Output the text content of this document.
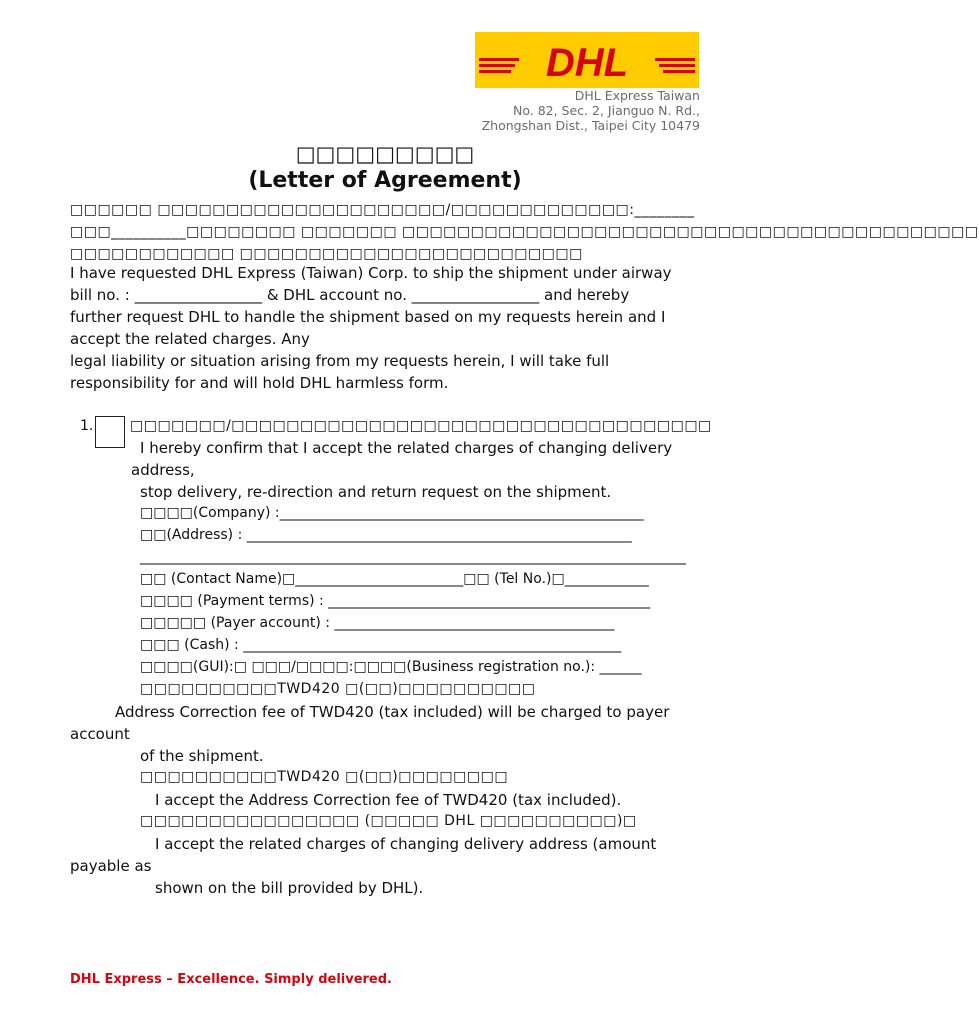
DHL
DHL Express Taiwan
No. 82, Sec. 2, Jianguo N. Rd.,
Zhongshan Dist., Taipei City 10479
□□□□□□□□□
(Letter of Agreement)
□□□□□□ □□□□□□□□□□□□□□□□□□□□□/□□□□□□□□□□□□□:________
□□□__________□□□□□□□□ □□□□□□□ □□□□□□□□□□□□□□□□□□□□□□□□□□□□□□□□□□□□□□□□□□
□□□□□□□□□□□□ □□□□□□□□□□□□□□□□□□□□□□□□□
I have requested DHL Express (Taiwan) Corp. to ship the shipment under airway
bill no. : _________________ & DHL account no. _________________ and hereby
further request DHL to handle the shipment based on my requests herein and I
accept the related charges. Any
legal liability or situation arising from my requests herein, I will take full
responsibility for and will hold DHL harmless form.
1.	□□□□□□□/□□□□□□□□□□□□□□□□□□□□□□□□□□□□□□□□□□□
I hereby confirm that I accept the related charges of changing delivery
address,
stop delivery, re-direction and return request on the shipment.
□□□□(Company) :____________________________________________________
□□(Address) : _______________________________________________________
______________________________________________________________________________
□□ (Contact Name)□________________________□□ (Tel No.)□____________
□□□□ (Payment terms) : ______________________________________________
□□□□□ (Payer account) : ________________________________________
□□□ (Cash) : ______________________________________________________
□□□□(GUI):□ □□□/□□□□:□□□□(Business registration no.): ______
□□□□□□□□□□TWD420 □(□□)□□□□□□□□□□
Address Correction fee of TWD420 (tax included) will be charged to payer
account
of the shipment.
□□□□□□□□□□TWD420 □(□□)□□□□□□□□
I accept the Address Correction fee of TWD420 (tax included).
□□□□□□□□□□□□□□□□ (□□□□□ DHL □□□□□□□□□□)□
I accept the related charges of changing delivery address (amount
payable as
shown on the bill provided by DHL).
DHL Express – Excellence. Simply delivered.
